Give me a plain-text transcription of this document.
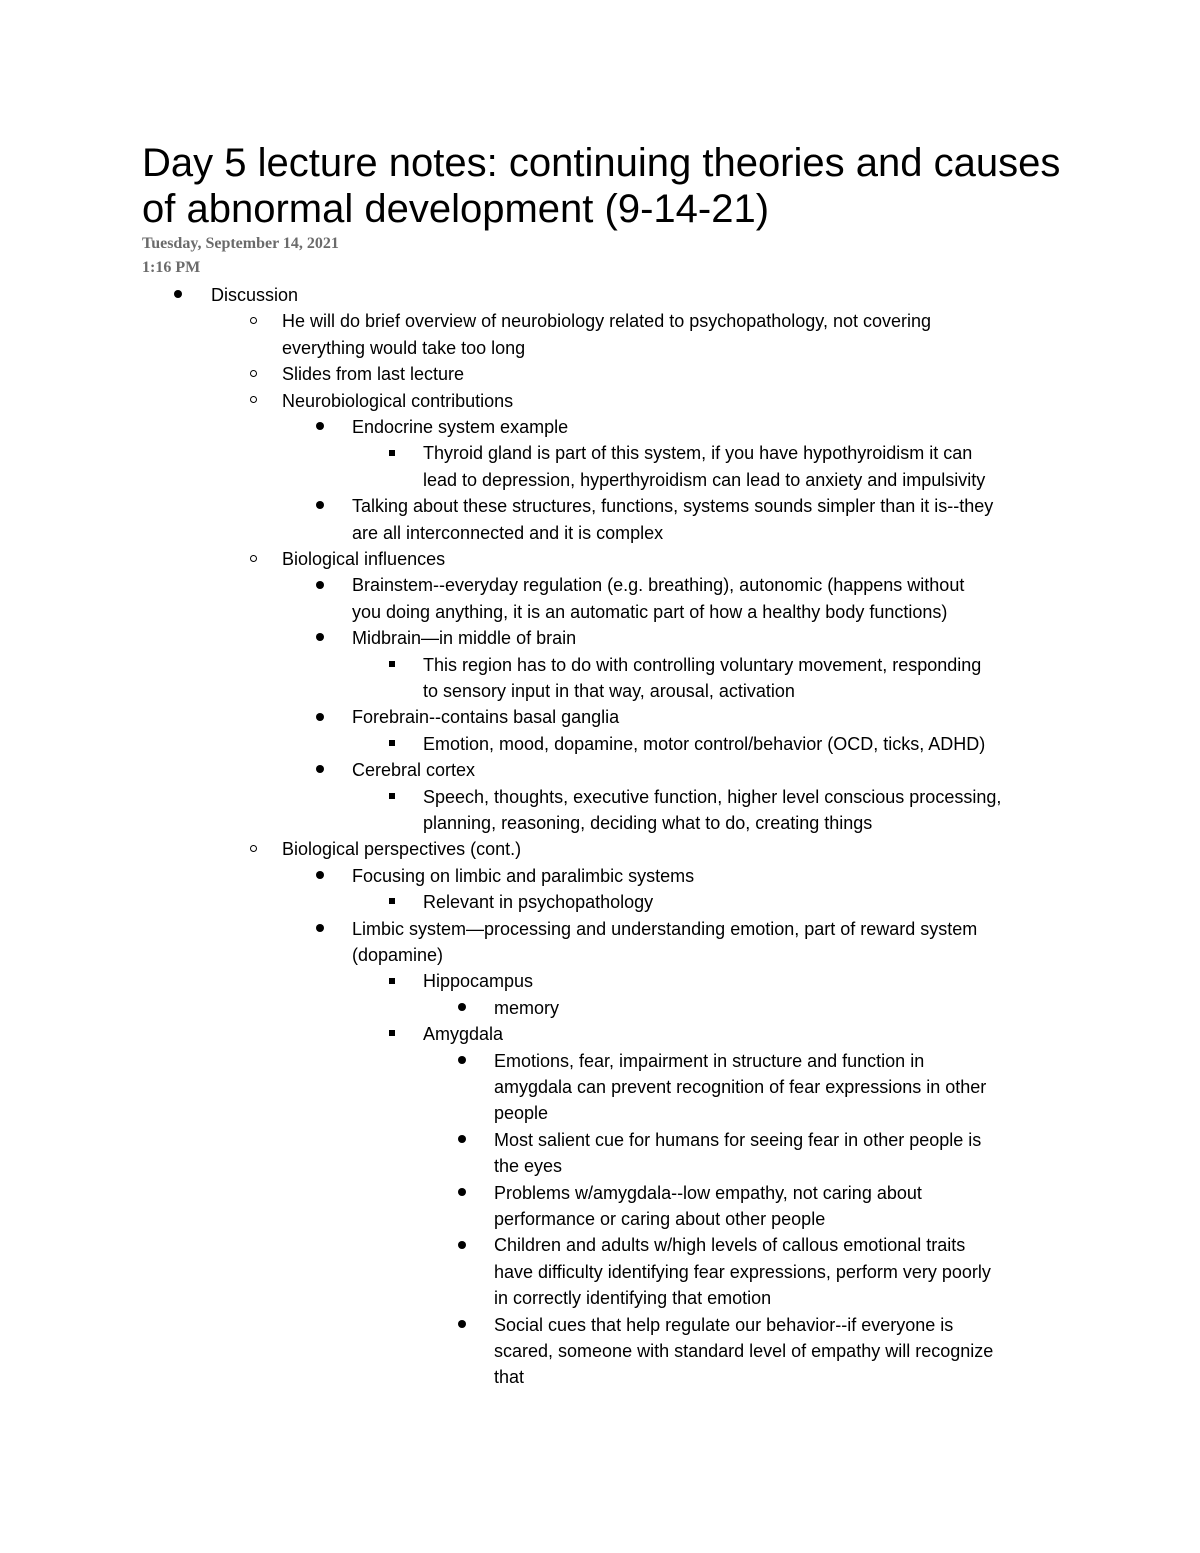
Day 5 lecture notes: continuing theories and causes of abnormal development (9-14-21)
Tuesday, September 14, 2021
1:16 PM
Discussion
He will do brief overview of neurobiology related to psychopathology, not covering
everything would take too long
Slides from last lecture
Neurobiological contributions
Endocrine system example
Thyroid gland is part of this system, if you have hypothyroidism it can
lead to depression, hyperthyroidism can lead to anxiety and impulsivity
Talking about these structures, functions, systems sounds simpler than it is--they
are all interconnected and it is complex
Biological influences
Brainstem--everyday regulation (e.g. breathing), autonomic (happens without
you doing anything, it is an automatic part of how a healthy body functions)
Midbrain—in middle of brain
This region has to do with controlling voluntary movement, responding
to sensory input in that way, arousal, activation
Forebrain--contains basal ganglia
Emotion, mood, dopamine, motor control/behavior (OCD, ticks, ADHD)
Cerebral cortex
Speech, thoughts, executive function, higher level conscious processing,
planning, reasoning, deciding what to do, creating things
Biological perspectives (cont.)
Focusing on limbic and paralimbic systems
Relevant in psychopathology
Limbic system—processing and understanding emotion, part of reward system
(dopamine)
Hippocampus
memory
Amygdala
Emotions, fear, impairment in structure and function in
amygdala can prevent recognition of fear expressions in other
people
Most salient cue for humans for seeing fear in other people is
the eyes
Problems w/amygdala--low empathy, not caring about
performance or caring about other people
Children and adults w/high levels of callous emotional traits
have difficulty identifying fear expressions, perform very poorly
in correctly identifying that emotion
Social cues that help regulate our behavior--if everyone is
scared, someone with standard level of empathy will recognize
that
